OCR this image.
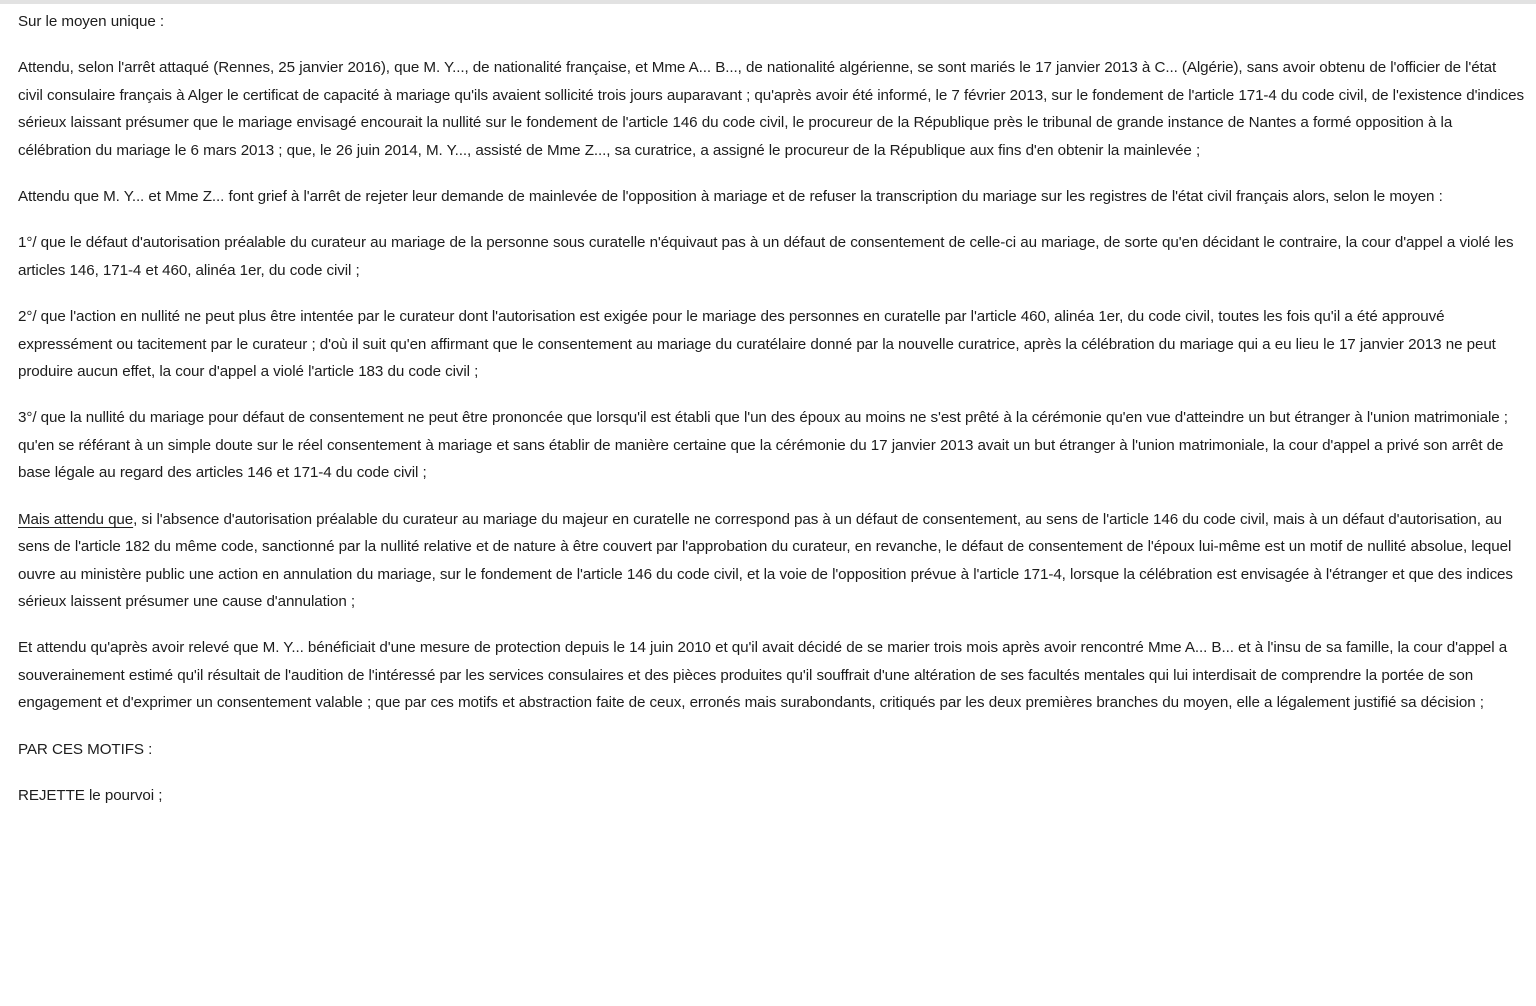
Sur le moyen unique :

Attendu, selon l'arrêt attaqué (Rennes, 25 janvier 2016), que M. Y..., de nationalité française, et Mme A... B..., de nationalité algérienne, se sont mariés le 17 janvier 2013 à C... (Algérie), sans avoir obtenu de l'officier de l'état civil consulaire français à Alger le certificat de capacité à mariage qu'ils avaient sollicité trois jours auparavant ; qu'après avoir été informé, le 7 février 2013, sur le fondement de l'article 171-4 du code civil, de l'existence d'indices sérieux laissant présumer que le mariage envisagé encourait la nullité sur le fondement de l'article 146 du code civil, le procureur de la République près le tribunal de grande instance de Nantes a formé opposition à la célébration du mariage le 6 mars 2013 ; que, le 26 juin 2014, M. Y..., assisté de Mme Z..., sa curatrice, a assigné le procureur de la République aux fins d'en obtenir la mainlevée ;

Attendu que M. Y... et Mme Z... font grief à l'arrêt de rejeter leur demande de mainlevée de l'opposition à mariage et de refuser la transcription du mariage sur les registres de l'état civil français alors, selon le moyen :

1°/ que le défaut d'autorisation préalable du curateur au mariage de la personne sous curatelle n'équivaut pas à un défaut de consentement de celle-ci au mariage, de sorte qu'en décidant le contraire, la cour d'appel a violé les articles 146, 171-4 et 460, alinéa 1er, du code civil ;

2°/ que l'action en nullité ne peut plus être intentée par le curateur dont l'autorisation est exigée pour le mariage des personnes en curatelle par l'article 460, alinéa 1er, du code civil, toutes les fois qu'il a été approuvé expressément ou tacitement par le curateur ; d'où il suit qu'en affirmant que le consentement au mariage du curatélaire donné par la nouvelle curatrice, après la célébration du mariage qui a eu lieu le 17 janvier 2013 ne peut produire aucun effet, la cour d'appel a violé l'article 183 du code civil ;

3°/ que la nullité du mariage pour défaut de consentement ne peut être prononcée que lorsqu'il est établi que l'un des époux au moins ne s'est prêté à la cérémonie qu'en vue d'atteindre un but étranger à l'union matrimoniale ; qu'en se référant à un simple doute sur le réel consentement à mariage et sans établir de manière certaine que la cérémonie du 17 janvier 2013 avait un but étranger à l'union matrimoniale, la cour d'appel a privé son arrêt de base légale au regard des articles 146 et 171-4 du code civil ;

Mais attendu que, si l'absence d'autorisation préalable du curateur au mariage du majeur en curatelle ne correspond pas à un défaut de consentement, au sens de l'article 146 du code civil, mais à un défaut d'autorisation, au sens de l'article 182 du même code, sanctionné par la nullité relative et de nature à être couvert par l'approbation du curateur, en revanche, le défaut de consentement de l'époux lui-même est un motif de nullité absolue, lequel ouvre au ministère public une action en annulation du mariage, sur le fondement de l'article 146 du code civil, et la voie de l'opposition prévue à l'article 171-4, lorsque la célébration est envisagée à l'étranger et que des indices sérieux laissent présumer une cause d'annulation ;

Et attendu qu'après avoir relevé que M. Y... bénéficiait d'une mesure de protection depuis le 14 juin 2010 et qu'il avait décidé de se marier trois mois après avoir rencontré Mme A... B... et à l'insu de sa famille, la cour d'appel a souverainement estimé qu'il résultait de l'audition de l'intéressé par les services consulaires et des pièces produites qu'il souffrait d'une altération de ses facultés mentales qui lui interdisait de comprendre la portée de son engagement et d'exprimer un consentement valable ; que par ces motifs et abstraction faite de ceux, erronés mais surabondants, critiqués par les deux premières branches du moyen, elle a légalement justifié sa décision ;

PAR CES MOTIFS :

REJETTE le pourvoi ;
